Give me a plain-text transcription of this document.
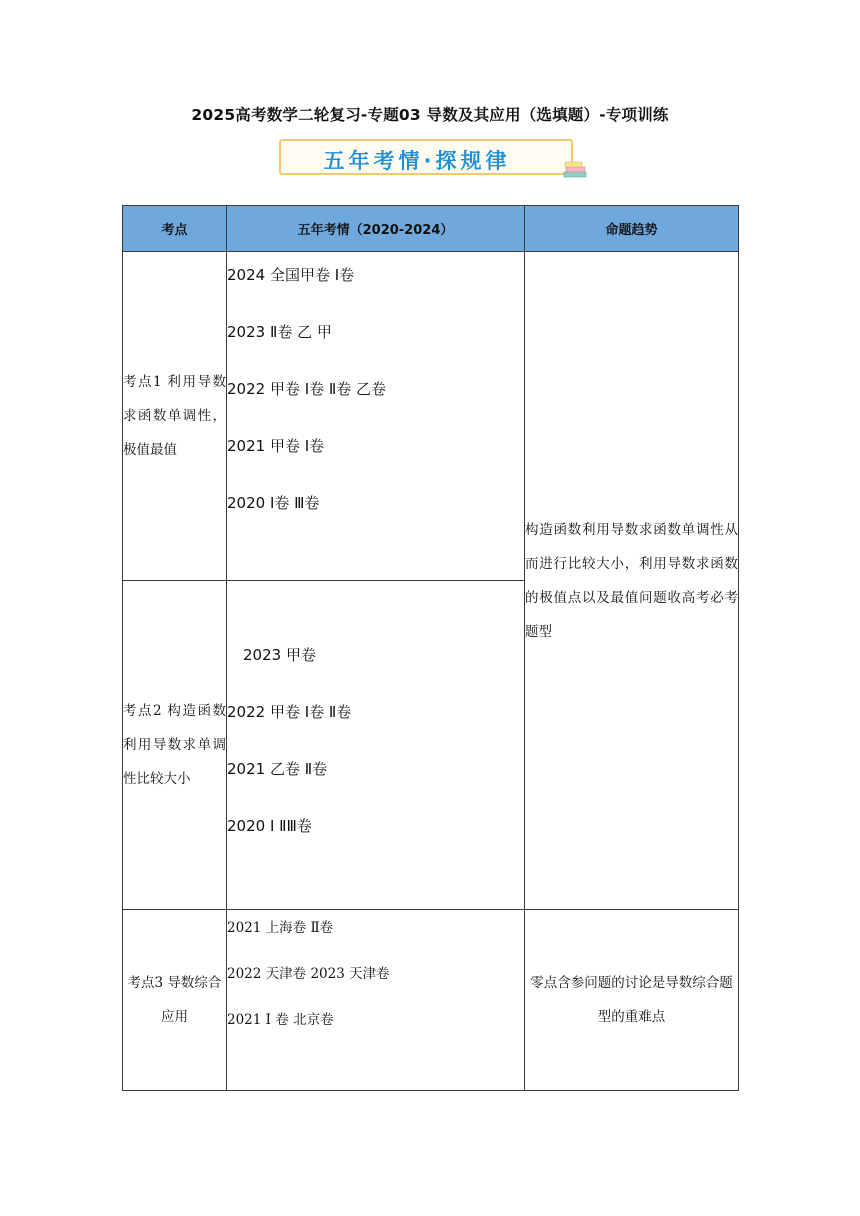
2025高考数学二轮复习-专题03 导数及其应用（选填题）-专项训练
五年考情·探规律
考点	五年考情（2020-2024）	命题趋势
考点1 利用导数求函数单调性，极值最值	2024 全国甲卷 Ⅰ卷
2023 Ⅱ卷 乙 甲
2022 甲卷 Ⅰ卷 Ⅱ卷 乙卷
2021 甲卷 Ⅰ卷
2020 Ⅰ卷 Ⅲ卷	构造函数利用导数求函数单调性从而进行比较大小，利用导数求函数的极值点以及最值问题收高考必考题型
考点2 构造函数利用导数求单调性比较大小	2023 甲卷
2022 甲卷 Ⅰ卷 Ⅱ卷
2021 乙卷 Ⅱ卷
2020 Ⅰ ⅡⅢ卷	

考点3 导数综合应用	2021 上海卷 Ⅱ卷
2022 天津卷 2023 天津卷
2021 Ⅰ 卷 北京卷	零点含参问题的讨论是导数综合题型的重难点
